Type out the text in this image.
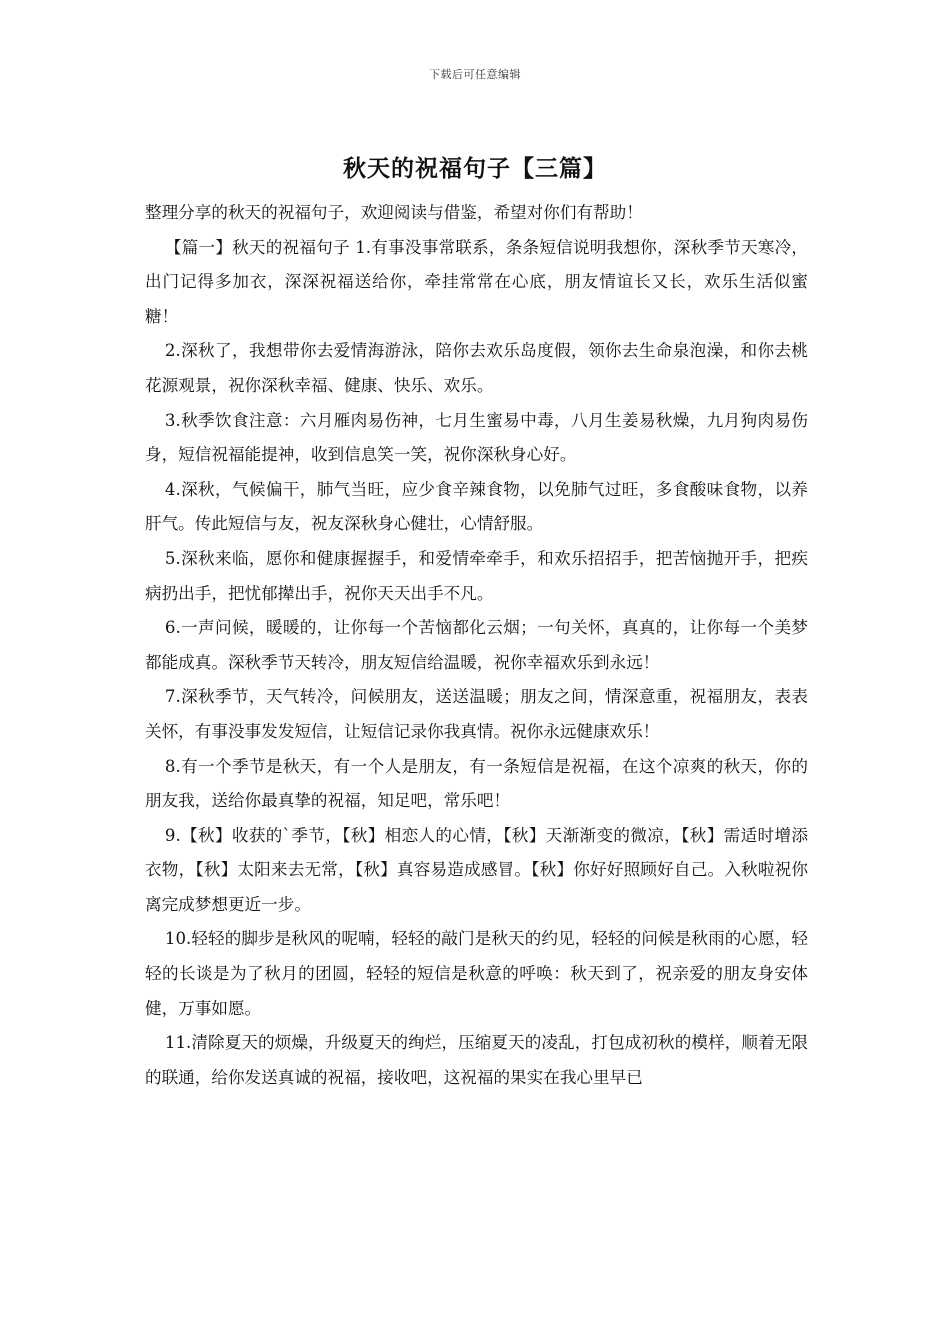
下载后可任意编辑
秋天的祝福句子【三篇】

整理分享的秋天的祝福句子，欢迎阅读与借鉴，希望对你们有帮助！

【篇一】秋天的祝福句子 1.有事没事常联系，条条短信说明我想你，深秋季节天寒冷，出门记得多加衣，深深祝福送给你，牵挂常常在心底，朋友情谊长又长，欢乐生活似蜜糖！

2.深秋了，我想带你去爱情海游泳，陪你去欢乐岛度假，领你去生命泉泡澡，和你去桃花源观景，祝你深秋幸福、健康、快乐、欢乐。

3.秋季饮食注意：六月雁肉易伤神，七月生蜜易中毒，八月生姜易秋燥，九月狗肉易伤身，短信祝福能提神，收到信息笑一笑，祝你深秋身心好。

4.深秋，气候偏干，肺气当旺，应少食辛辣食物，以免肺气过旺，多食酸味食物，以养肝气。传此短信与友，祝友深秋身心健壮，心情舒服。

5.深秋来临，愿你和健康握握手，和爱情牵牵手，和欢乐招招手，把苦恼抛开手，把疾病扔出手，把忧郁撵出手，祝你天天出手不凡。

6.一声问候，暖暖的，让你每一个苦恼都化云烟；一句关怀，真真的，让你每一个美梦都能成真。深秋季节天转冷，朋友短信给温暖，祝你幸福欢乐到永远！

7.深秋季节，天气转冷，问候朋友，送送温暖；朋友之间，情深意重，祝福朋友，表表关怀，有事没事发发短信，让短信记录你我真情。祝你永远健康欢乐！

8.有一个季节是秋天，有一个人是朋友，有一条短信是祝福，在这个凉爽的秋天，你的朋友我，送给你最真挚的祝福，知足吧，常乐吧！

9.【秋】收获的`季节，【秋】相恋人的心情，【秋】天渐渐变的微凉，【秋】需适时增添衣物，【秋】太阳来去无常，【秋】真容易造成感冒。【秋】你好好照顾好自己。入秋啦祝你离完成梦想更近一步。

10.轻轻的脚步是秋风的呢喃，轻轻的敲门是秋天的约见，轻轻的问候是秋雨的心愿，轻轻的长谈是为了秋月的团圆，轻轻的短信是秋意的呼唤：秋天到了，祝亲爱的朋友身安体健，万事如愿。

11.清除夏天的烦燥，升级夏天的绚烂，压缩夏天的凌乱，打包成初秋的模样，顺着无限的联通，给你发送真诚的祝福，接收吧，这祝福的果实在我心里早已
